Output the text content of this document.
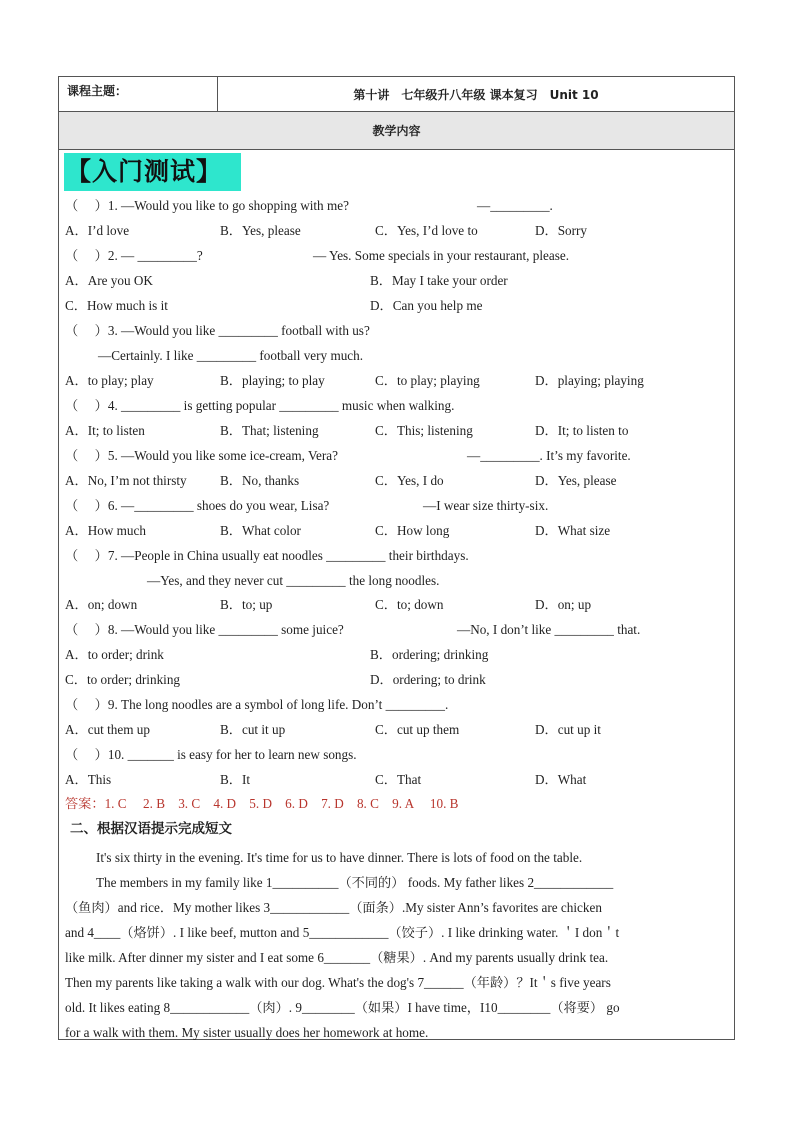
课程主题：	第十讲　七年级升八年级 课本复习　Unit 10
教学内容
【入门测试】
（　 ）1. —Would you like to go shopping with me?	—_________.
A．I’d love	B．Yes, please	C．Yes, I’d love to	D．Sorry
（　 ）2. — _________?	— Yes. Some specials in your restaurant, please.
A．Are you OK	B．May I take your order
C．How much is it	D．Can you help me
（　 ）3. —Would you like _________ football with us?
—Certainly. I like _________ football very much.
A．to play; play	B．playing; to play	C．to play; playing	D．playing; playing
（　 ）4. _________ is getting popular _________ music when walking.
A．It; to listen	B．That; listening	C．This; listening	D．It; to listen to
（　 ）5. —Would you like some ice-cream, Vera?	—_________. It’s my favorite.
A．No, I’m not thirsty	B．No, thanks	C．Yes, I do	D．Yes, please
（　 ）6. —_________ shoes do you wear, Lisa?	—I wear size thirty-six.
A．How much	B．What color	C．How long	D．What size
（　 ）7. —People in China usually eat noodles _________ their birthdays.
—Yes, and they never cut _________ the long noodles.
A．on; down	B．to; up	C．to; down	D．on; up
（　 ）8. —Would you like _________ some juice?	—No, I don’t like _________ that.
A．to order; drink	B．ordering; drinking
C．to order; drinking	D．ordering; to drink
（　 ）9. The long noodles are a symbol of long life. Don’t _________.
A．cut them up	B．cut it up	C．cut up them	D．cut up it
（　 ）10. _______ is easy for her to learn new songs.
A．This	B．It	C．That	D．What
答案：1. C　 2. B　3. C　4. D　5. D　6. D　7. D　8. C　9. A　 10. B
二、根据汉语提示完成短文
It's six thirty in the evening. It's time for us to have dinner. There is lots of food on the table.
The members in my family like 1__________（不同的） foods. My father likes 2____________
（鱼肉）and rice．My mother likes 3____________（面条）.My sister Ann’s favorites are chicken
and 4____（烙饼）. I like beef, mutton and 5____________（饺子）. I like drinking water. ＇I don＇t
like milk. After dinner my sister and I eat some 6_______（糖果）. And my parents usually drink tea.
Then my parents like taking a walk with our dog. What's the dog's 7______（年龄）？It＇s five years
old. It likes eating 8____________（肉）. 9________（如果）I have time，I10________（将要） go
for a walk with them. My sister usually does her homework at home.
